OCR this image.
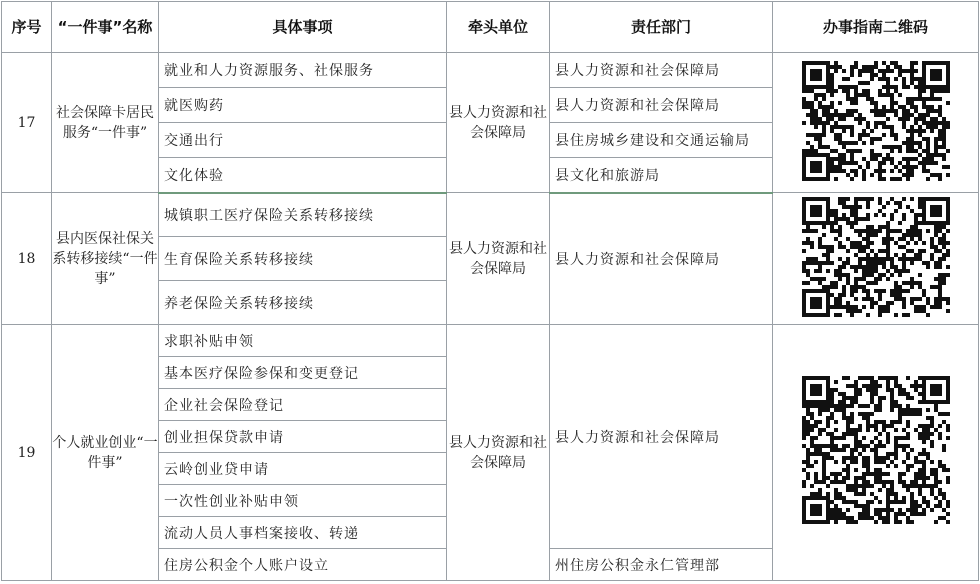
序号	“一件事”名称	具体事项	牵头单位	责任部门	办事指南二维码
17	社会保障卡居民服务“一件事”	就业和人力资源服务、社保服务	县人力资源和社会保障局	县人力资源和社会保障局	
		就医购药		县人力资源和社会保障局	
		交通出行		县住房城乡建设和交通运输局	
		文化体验		县文化和旅游局	
18	县内医保社保关系转移接续“一件事”	城镇职工医疗保险关系转移接续	县人力资源和社会保障局	县人力资源和社会保障局	
		生育保险关系转移接续			
		养老保险关系转移接续			
19	个人就业创业“一件事”	求职补贴申领	县人力资源和社会保障局	县人力资源和社会保障局	
		基本医疗保险参保和变更登记			
		企业社会保险登记			
		创业担保贷款申请			
		云岭创业贷申请			
		一次性创业补贴申领			
		流动人员人事档案接收、转递			
		住房公积金个人账户设立		州住房公积金永仁管理部	
